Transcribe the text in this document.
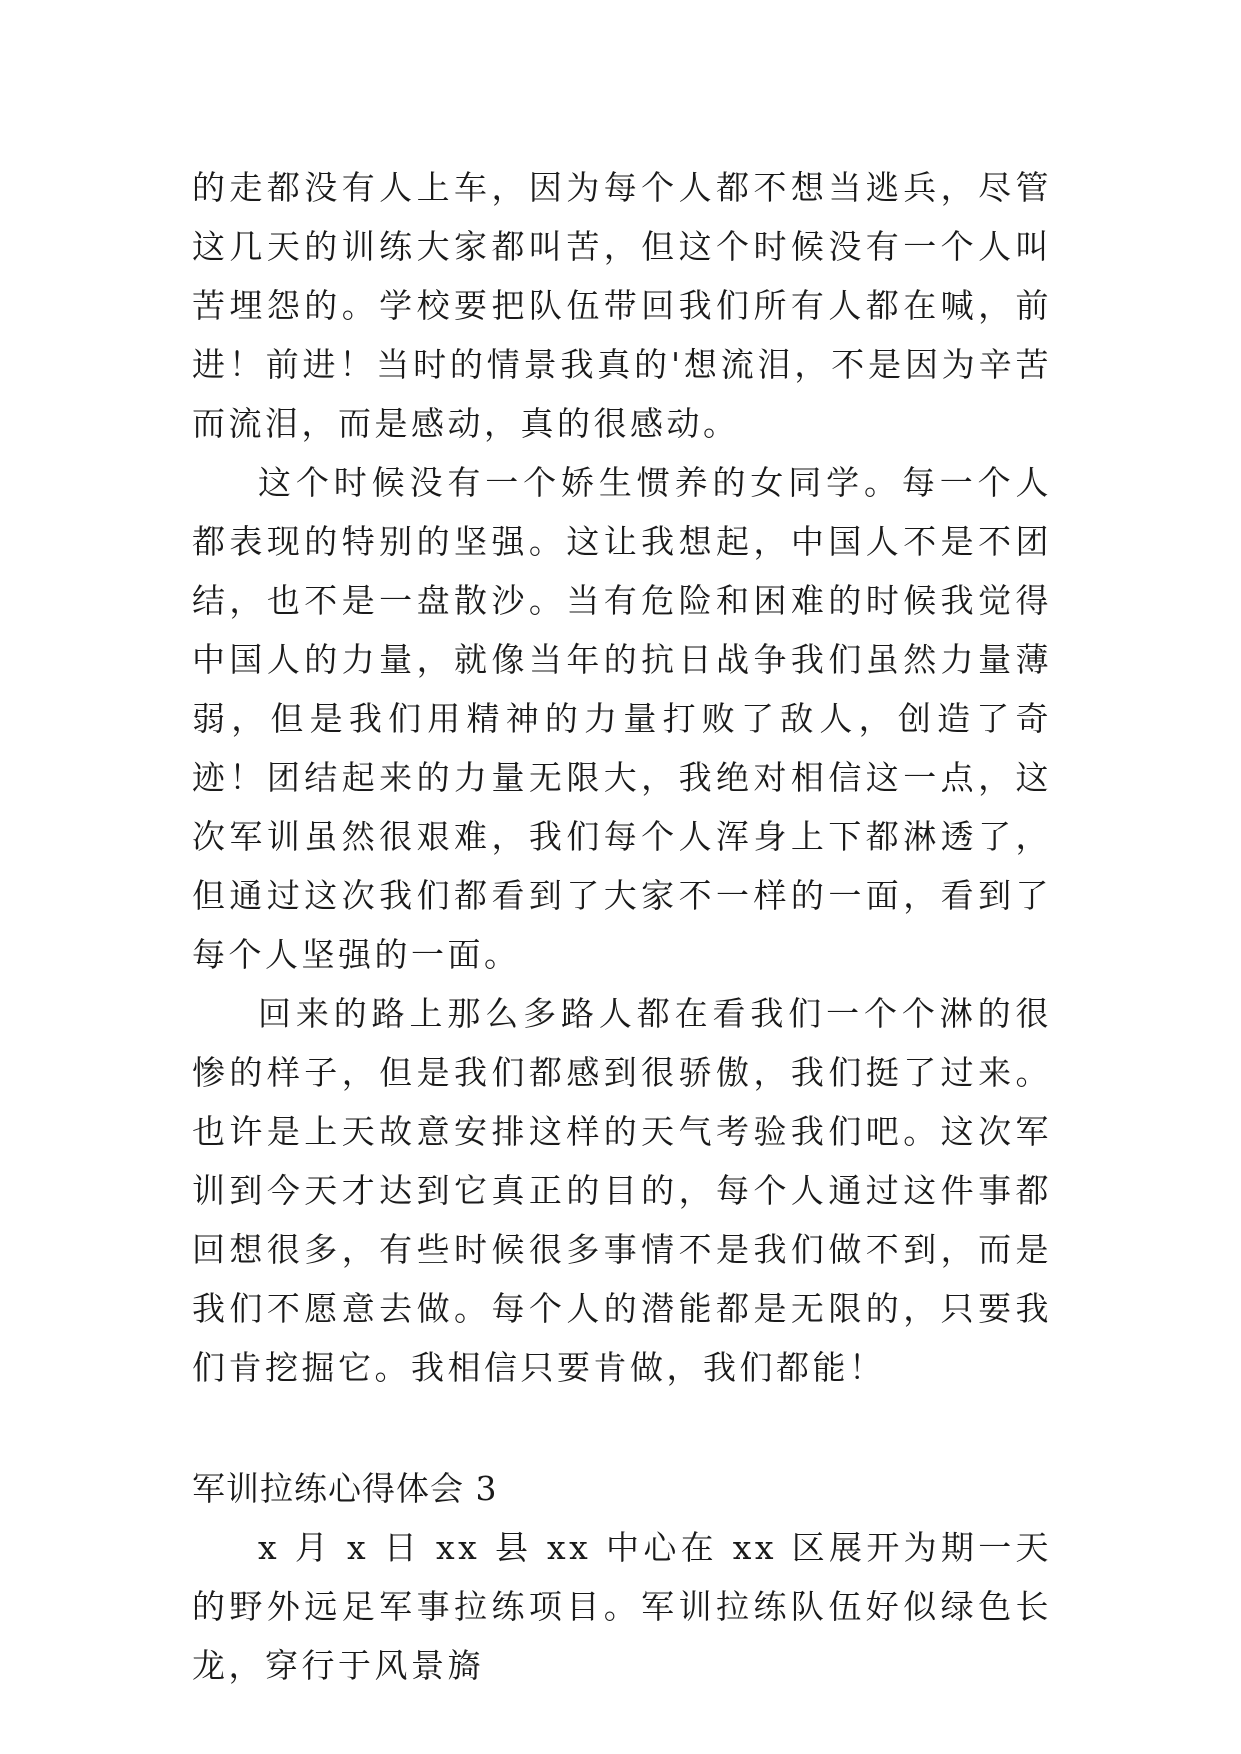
的走都没有人上车，因为每个人都不想当逃兵，尽管这几天的训练大家都叫苦，但这个时候没有一个人叫苦埋怨的。学校要把队伍带回我们所有人都在喊，前进！前进！当时的情景我真的'想流泪，不是因为辛苦而流泪，而是感动，真的很感动。

这个时候没有一个娇生惯养的女同学。每一个人都表现的特别的坚强。这让我想起，中国人不是不团结，也不是一盘散沙。当有危险和困难的时候我觉得中国人的力量，就像当年的抗日战争我们虽然力量薄弱，但是我们用精神的力量打败了敌人，创造了奇迹！团结起来的力量无限大，我绝对相信这一点，这次军训虽然很艰难，我们每个人浑身上下都淋透了，但通过这次我们都看到了大家不一样的一面，看到了每个人坚强的一面。

回来的路上那么多路人都在看我们一个个淋的很惨的样子，但是我们都感到很骄傲，我们挺了过来。也许是上天故意安排这样的天气考验我们吧。这次军训到今天才达到它真正的目的，每个人通过这件事都回想很多，有些时候很多事情不是我们做不到，而是我们不愿意去做。每个人的潜能都是无限的，只要我们肯挖掘它。我相信只要肯做，我们都能！

军训拉练心得体会 3

x 月 x 日 xx 县 xx 中心在 xx 区展开为期一天的野外远足军事拉练项目。军训拉练队伍好似绿色长龙，穿行于风景旖
